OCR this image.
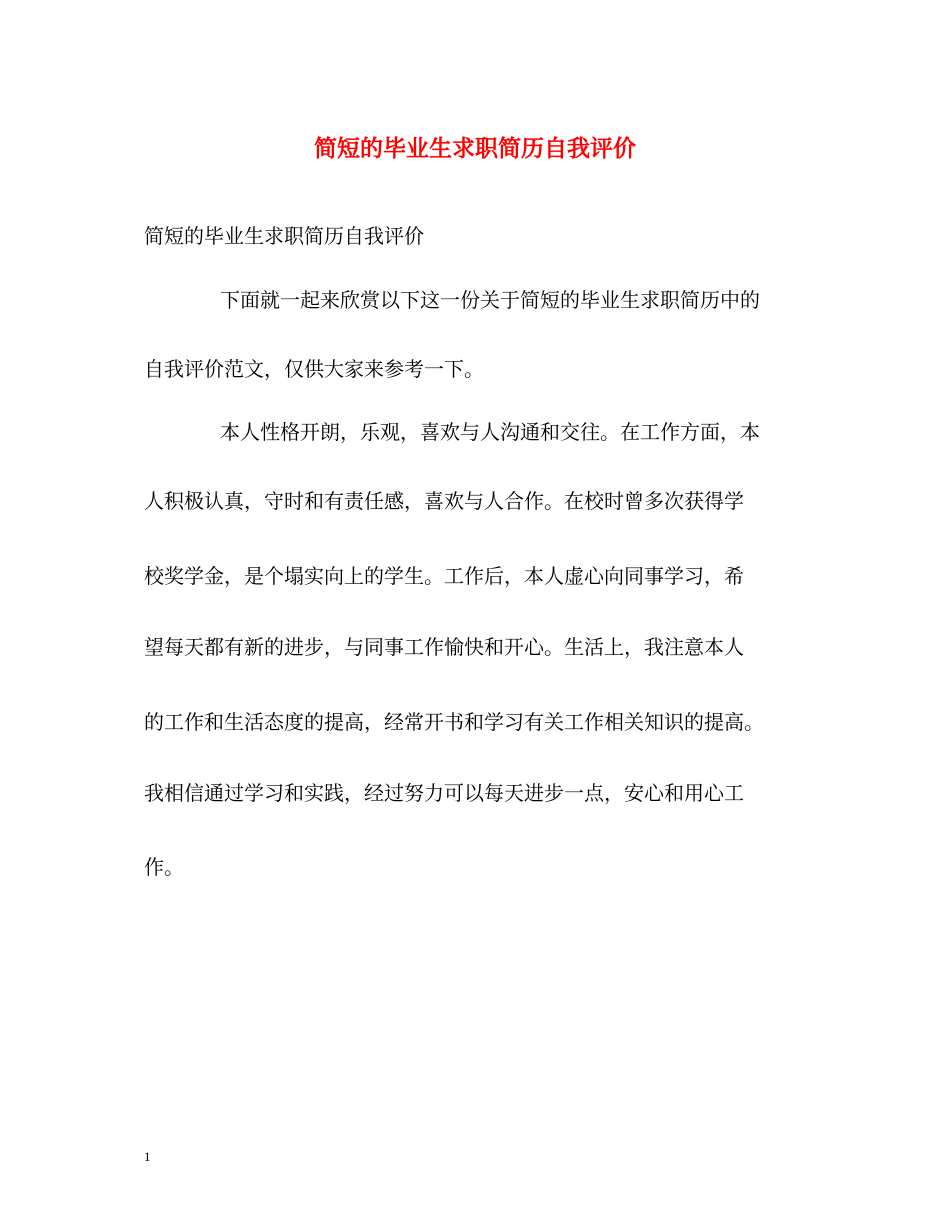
简短的毕业生求职简历自我评价
简短的毕业生求职简历自我评价
下面就一起来欣赏以下这一份关于简短的毕业生求职简历中的
自我评价范文，仅供大家来参考一下。
本人性格开朗，乐观，喜欢与人沟通和交往。在工作方面，本
人积极认真，守时和有责任感，喜欢与人合作。在校时曾多次获得学
校奖学金，是个塌实向上的学生。工作后，本人虚心向同事学习，希
望每天都有新的进步，与同事工作愉快和开心。生活上，我注意本人
的工作和生活态度的提高，经常开书和学习有关工作相关知识的提高。
我相信通过学习和实践，经过努力可以每天进步一点，安心和用心工
作。
1
